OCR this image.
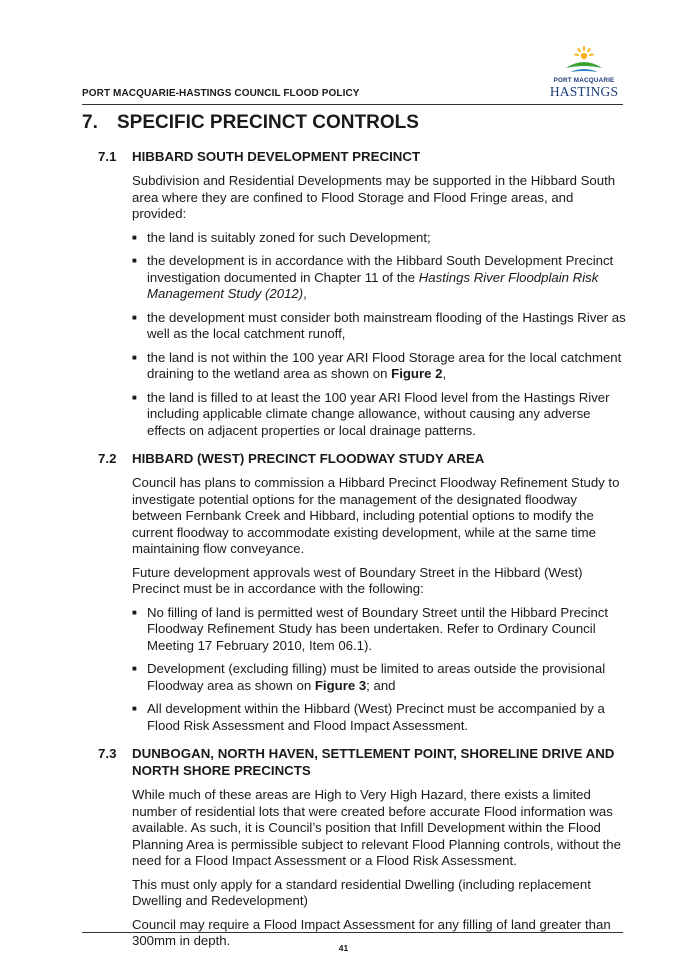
PORT MACQUARIE-HASTINGS COUNCIL FLOOD POLICY
PORT MACQUARIE
HASTINGS
7.	SPECIFIC PRECINCT CONTROLS
7.1	HIBBARD SOUTH DEVELOPMENT PRECINCT

Subdivision and Residential Developments may be supported in the Hibbard South area where they are confined to Flood Storage and Flood Fringe areas, and provided:

■ the land is suitably zoned for such Development;
■ the development is in accordance with the Hibbard South Development Precinct investigation documented in Chapter 11 of the Hastings River Floodplain Risk Management Study (2012),
■ the development must consider both mainstream flooding of the Hastings River as well as the local catchment runoff,
■ the land is not within the 100 year ARI Flood Storage area for the local catchment draining to the wetland area as shown on Figure 2,
■ the land is filled to at least the 100 year ARI Flood level from the Hastings River including applicable climate change allowance, without causing any adverse effects on adjacent properties or local drainage patterns.
7.2	HIBBARD (WEST) PRECINCT FLOODWAY STUDY AREA

Council has plans to commission a Hibbard Precinct Floodway Refinement Study to investigate potential options for the management of the designated floodway between Fernbank Creek and Hibbard, including potential options to modify the current floodway to accommodate existing development, while at the same time maintaining flow conveyance.

Future development approvals west of Boundary Street in the Hibbard (West) Precinct must be in accordance with the following:

■ No filling of land is permitted west of Boundary Street until the Hibbard Precinct Floodway Refinement Study has been undertaken. Refer to Ordinary Council Meeting 17 February 2010, Item 06.1).
■ Development (excluding filling) must be limited to areas outside the provisional Floodway area as shown on Figure 3; and
■ All development within the Hibbard (West) Precinct must be accompanied by a Flood Risk Assessment and Flood Impact Assessment.
7.3	DUNBOGAN, NORTH HAVEN, SETTLEMENT POINT, SHORELINE DRIVE AND NORTH SHORE PRECINCTS

While much of these areas are High to Very High Hazard, there exists a limited number of residential lots that were created before accurate Flood information was available. As such, it is Council’s position that Infill Development within the Flood Planning Area is permissible subject to relevant Flood Planning controls, without the need for a Flood Impact Assessment or a Flood Risk Assessment.

This must only apply for a standard residential Dwelling (including replacement Dwelling and Redevelopment)

Council may require a Flood Impact Assessment for any filling of land greater than 300mm in depth.	41
